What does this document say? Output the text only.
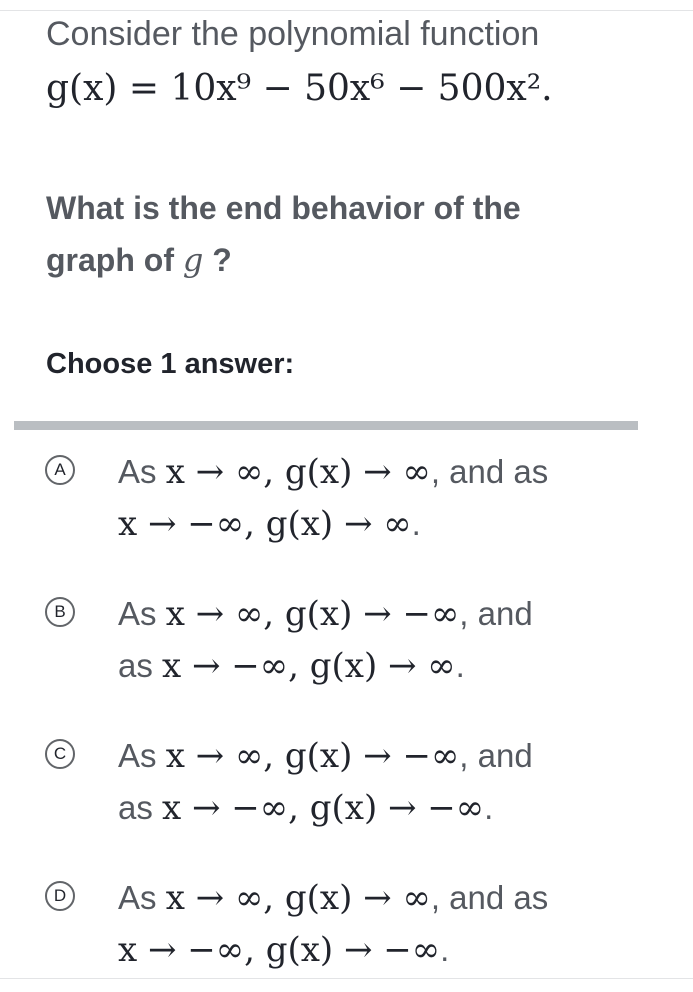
Consider the polynomial function
g(x) = 10x⁹ − 50x⁶ − 500x².
What is the end behavior of the graph of g ?
Choose 1 answer:
A As x → ∞, g(x) → ∞, and as
x → −∞, g(x) → ∞.
B As x → ∞, g(x) → −∞, and
as x → −∞, g(x) → ∞.
C As x → ∞, g(x) → −∞, and
as x → −∞, g(x) → −∞.
D As x → ∞, g(x) → ∞, and as
x → −∞, g(x) → −∞.
